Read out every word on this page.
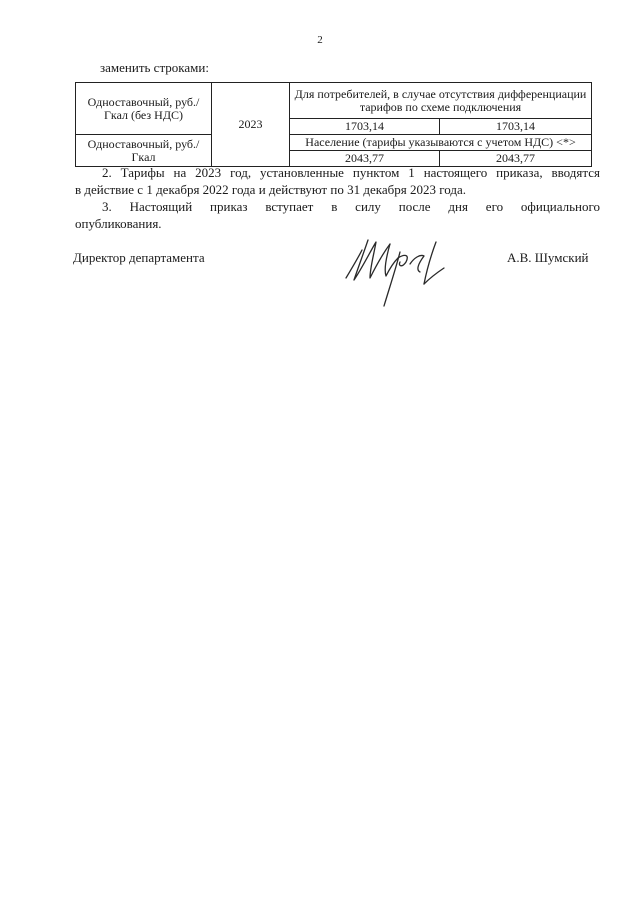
2
заменить строками:
Одноставочный, руб./Гкал (без НДС)	2023	Для потребителей, в случае отсутствия дифференциации тарифов по схеме подключения	
		1703,14	1703,14
Одноставочный, руб./Гкал		Население (тарифы указываются с учетом НДС) <*>	
		2043,77	2043,77

2. Тарифы на 2023 год, установленные пунктом 1 настоящего приказа, вводятся
в действие с 1 декабря 2022 года и действуют по 31 декабря 2023 года.

3. Настоящий приказ вступает в силу после дня его официального
опубликования.

Директор департамента	А.В. Шумский
